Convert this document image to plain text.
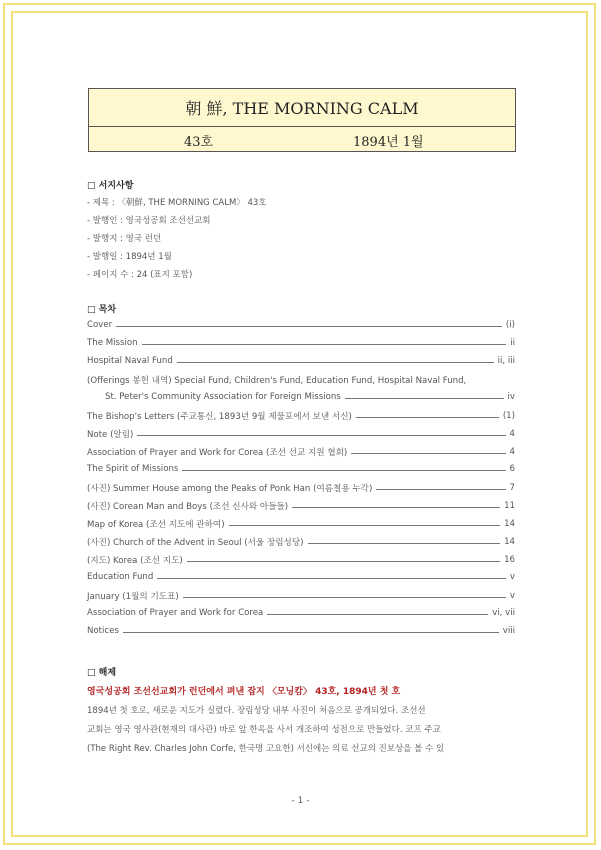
朝 鮮, THE MORNING CALM
43호	1894년 1월
□ 서지사항
- 제목 : 〈朝鮮, THE MORNING CALM〉 43호
- 발행인 : 영국성공회 조선선교회
- 발행지 : 영국 런던
- 발행일 : 1894년 1월
- 페이지 수 : 24 (표지 포함)
□ 목차
Cover	(i)
The Mission	ii
Hospital Naval Fund	ii, iii
(Offerings 봉헌 내역) Special Fund, Children's Fund, Education Fund, Hospital Naval Fund,
St. Peter's Community Association for Foreign Missions	iv
The Bishop's Letters (주교통신, 1893년 9월 제물포에서 보낸 서신)	(1)
Note (알림)	4
Association of Prayer and Work for Corea (조선 선교 지원 협회)	4
The Spirit of Missions	6
(사진) Summer House among the Peaks of Ponk Han (여름철용 누각)	7
(사진) Corean Man and Boys (조선 신사와 아들들)	11
Map of Korea (조선 지도에 관하여)	14
(사진) Church of the Advent in Seoul (서울 장림성당)	14
(지도) Korea (조선 지도)	16
Education Fund	v
January (1월의 기도표)	v
Association of Prayer and Work for Corea	vi, vii
Notices	viii
□ 해제
영국성공회 조선선교회가 런던에서 펴낸 잡지 〈모닝캄〉 43호, 1894년 첫 호
1894년 첫 호로, 새로운 지도가 실렸다. 장림성당 내부 사진이 처음으로 공개되었다. 조선선
교회는 영국 영사관(현재의 대사관) 바로 앞 한옥을 사서 개조하여 성전으로 만들었다. 코프 주교
(The Right Rev. Charles John Corfe, 한국명 고요한) 서신에는 의료 선교의 진보상을 볼 수 있
- 1 -
